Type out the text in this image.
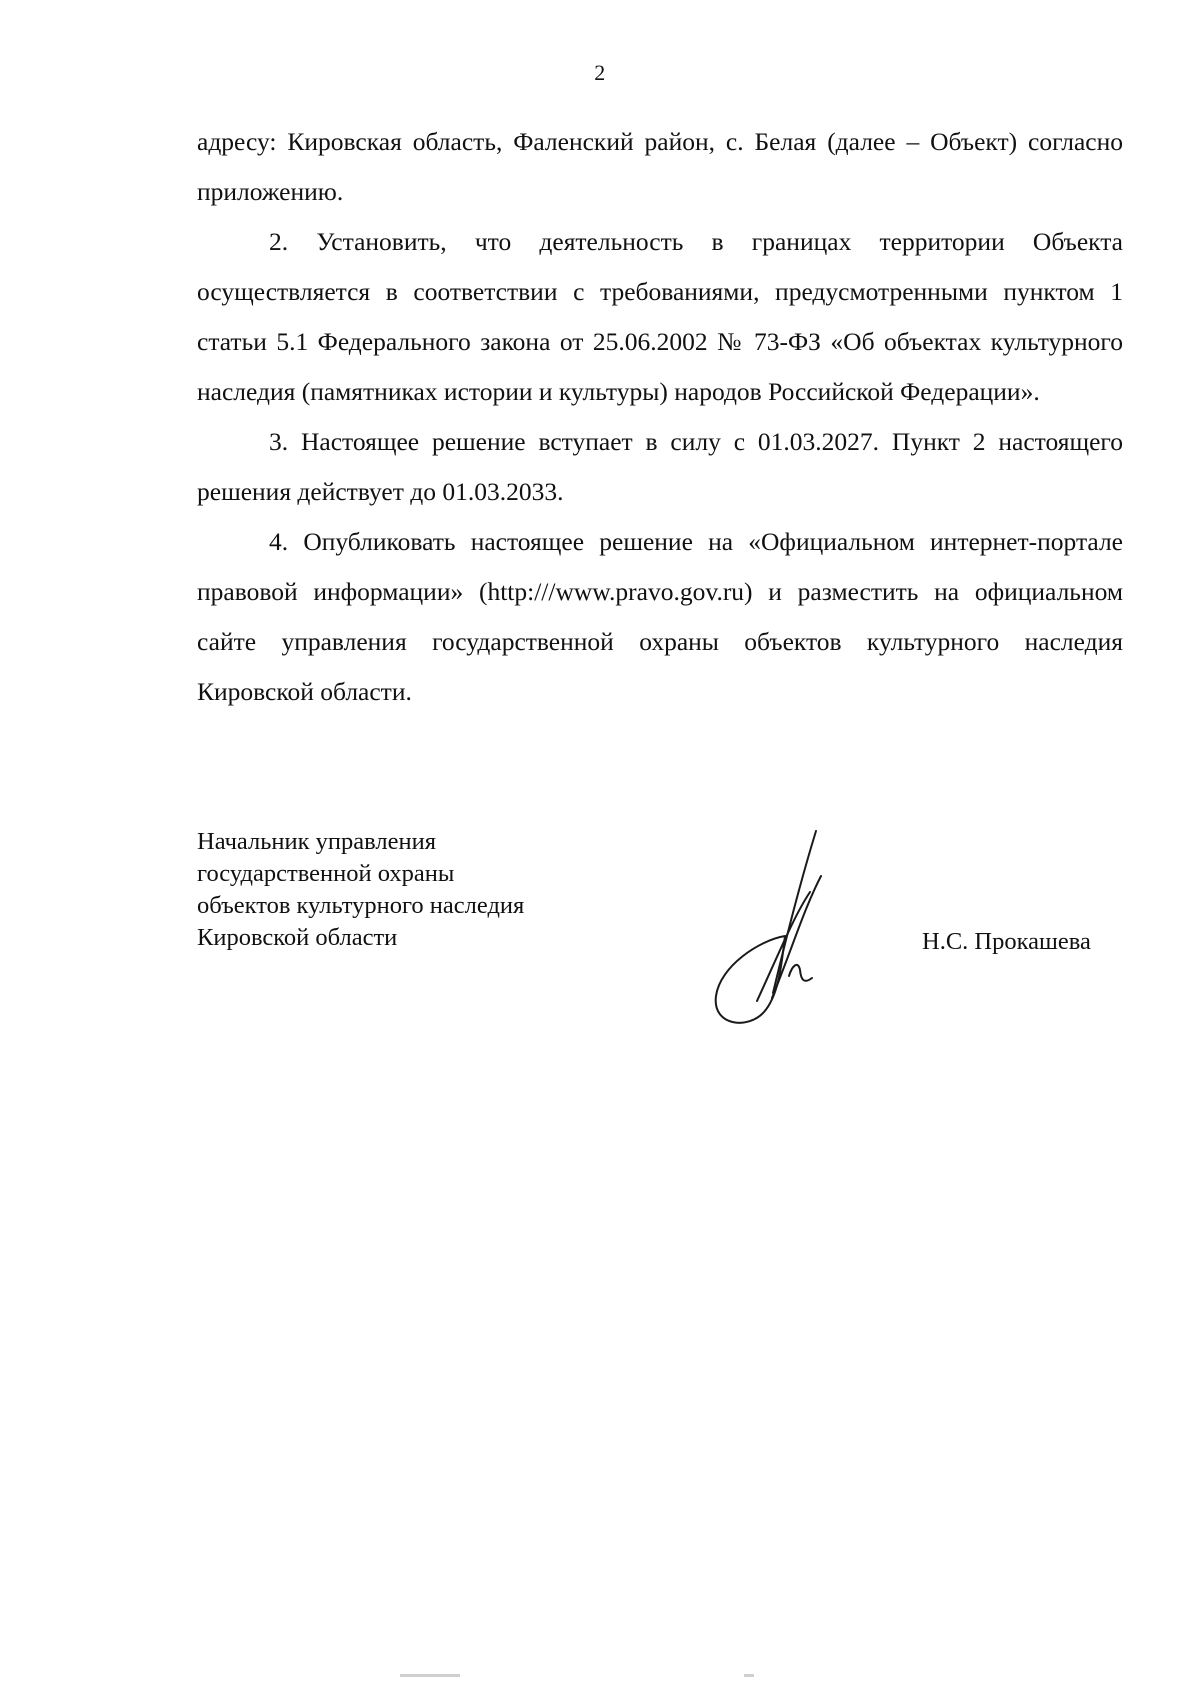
2

адресу: Кировская область, Фаленский район, с. Белая (далее – Объект) согласно приложению.

2. Установить, что деятельность в границах территории Объекта осуществляется в соответствии с требованиями, предусмотренными пунктом 1 статьи 5.1 Федерального закона от 25.06.2002 № 73-ФЗ «Об объектах культурного наследия (памятниках истории и культуры) народов Российской Федерации».

3. Настоящее решение вступает в силу с 01.03.2027. Пункт 2 настоящего решения действует до 01.03.2033.

4. Опубликовать настоящее решение на «Официальном интернет-портале правовой информации» (http:///www.pravo.gov.ru) и разместить на официальном сайте управления государственной охраны объектов культурного наследия Кировской области.

Начальник управления
государственной охраны
объектов культурного наследия
Кировской области	Н.С. Прокашева
